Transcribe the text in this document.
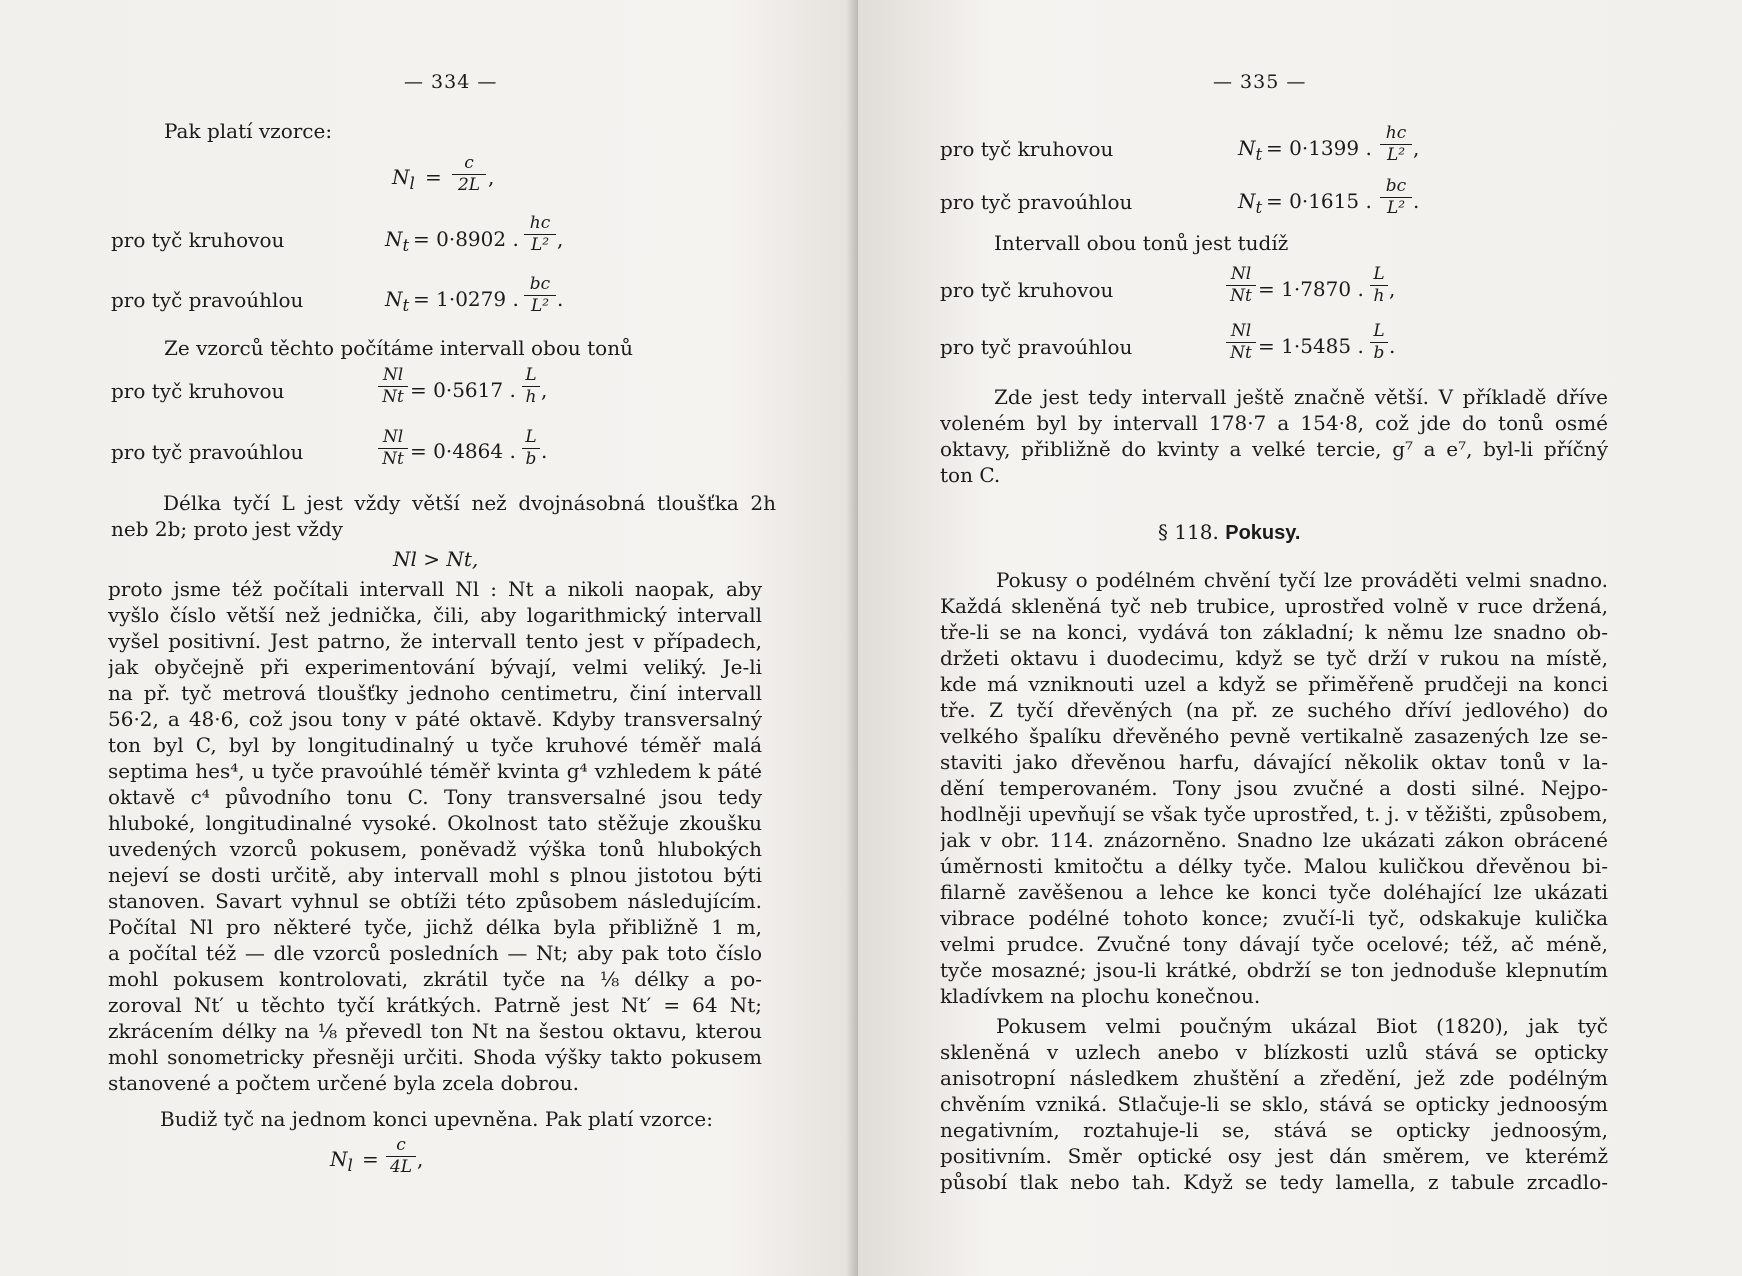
— 334 —
Pak platí vzorce:
$N_l$ =
c
2L ,
pro tyč kruhovou	$N_t = 0\cdot 8902$ .
hc
L² ,
pro tyč pravoúhlou	$N_t = 1\cdot 0279$ .
bc
L² .
Ze vzorců těchto počítáme intervall obou tonů
pro tyč kruhovou
Nl
Nt = 0·5617 .
L
h ,
pro tyč pravoúhlou
Nl
Nt = 0·4864 .
L
b .
Délka tyčí L jest vždy větší než dvojnásobná tloušťka 2h
neb 2b; proto jest vždy
Nl > Nt,
proto jsme též počítali intervall Nl : Nt a nikoli naopak, aby
vyšlo číslo větší než jednička, čili, aby logarithmický intervall
vyšel positivní. Jest patrno, že intervall tento jest v případech,
jak obyčejně při experimentování bývají, velmi veliký. Je-li
na př. tyč metrová tloušťky jednoho centimetru, činí intervall
56·2, a 48·6, což jsou tony v páté oktavě. Kdyby transversalný
ton byl C, byl by longitudinalný u tyče kruhové téměř malá
septima hes⁴, u tyče pravoúhlé téměř kvinta g⁴ vzhledem k páté
oktavě c⁴ původního tonu C. Tony transversalné jsou tedy
hluboké, longitudinalné vysoké. Okolnost tato stěžuje zkoušku
uvedených vzorců pokusem, poněvadž výška tonů hlubokých
nejeví se dosti určitě, aby intervall mohl s plnou jistotou býti
stanoven. Savart vyhnul se obtíži této způsobem následujícím.
Počítal Nl pro některé tyče, jichž délka byla přibližně 1 m,
a počítal též — dle vzorců posledních — Nt; aby pak toto číslo
mohl pokusem kontrolovati, zkrátil tyče na ⅛ délky a po-
zoroval Nt′ u těchto tyčí krátkých. Patrně jest Nt′ = 64 Nt;
zkrácením délky na ⅛ převedl ton Nt na šestou oktavu, kterou
mohl sonometricky přesněji určiti. Shoda výšky takto pokusem
stanovené a počtem určené byla zcela dobrou.
Budiž tyč na jednom konci upevněna. Pak platí vzorce:
$N_l$ =
c
4L ,
— 335 —
pro tyč kruhovou	$N_t = 0\cdot 1399$ .
hc
L² ,
pro tyč pravoúhlou	$N_t = 0\cdot 1615$ .
bc
L² .
Intervall obou tonů jest tudíž
pro tyč kruhovou
Nl
Nt = 1·7870 .
L
h ,
pro tyč pravoúhlou
Nl
Nt = 1·5485 .
L
b .
Zde jest tedy intervall ještě značně větší. V příkladě dříve
voleném byl by intervall 178·7 a 154·8, což jde do tonů osmé
oktavy, přibližně do kvinty a velké tercie, g⁷ a e⁷, byl-li příčný
ton C.
§ 118. Pokusy.
Pokusy o podélném chvění tyčí lze prováděti velmi snadno.
Každá skleněná tyč neb trubice, uprostřed volně v ruce držená,
tře-li se na konci, vydává ton základní; k němu lze snadno ob-
držeti oktavu i duodecimu, když se tyč drží v rukou na místě,
kde má vzniknouti uzel a když se přiměřeně prudčeji na konci
tře. Z tyčí dřevěných (na př. ze suchého dříví jedlového) do
velkého špalíku dřevěného pevně vertikalně zasazených lze se-
staviti jako dřevěnou harfu, dávající několik oktav tonů v la-
dění temperovaném. Tony jsou zvučné a dosti silné. Nejpo-
hodlněji upevňují se však tyče uprostřed, t. j. v těžišti, způsobem,
jak v obr. 114. znázorněno. Snadno lze ukázati zákon obrácené
úměrnosti kmitočtu a délky tyče. Malou kuličkou dřevěnou bi-
filarně zavěšenou a lehce ke konci tyče doléhající lze ukázati
vibrace podélné tohoto konce; zvučí-li tyč, odskakuje kulička
velmi prudce. Zvučné tony dávají tyče ocelové; též, ač méně,
tyče mosazné; jsou-li krátké, obdrží se ton jednoduše klepnutím
kladívkem na plochu konečnou.
Pokusem velmi poučným ukázal Biot (1820), jak tyč
skleněná v uzlech anebo v blízkosti uzlů stává se opticky
anisotropní následkem zhuštění a zředění, jež zde podélným
chvěním vzniká. Stlačuje-li se sklo, stává se opticky jednoosým
negativním, roztahuje-li se, stává se opticky jednoosým,
positivním. Směr optické osy jest dán směrem, ve kterémž
působí tlak nebo tah. Když se tedy lamella, z tabule zrcadlo-
